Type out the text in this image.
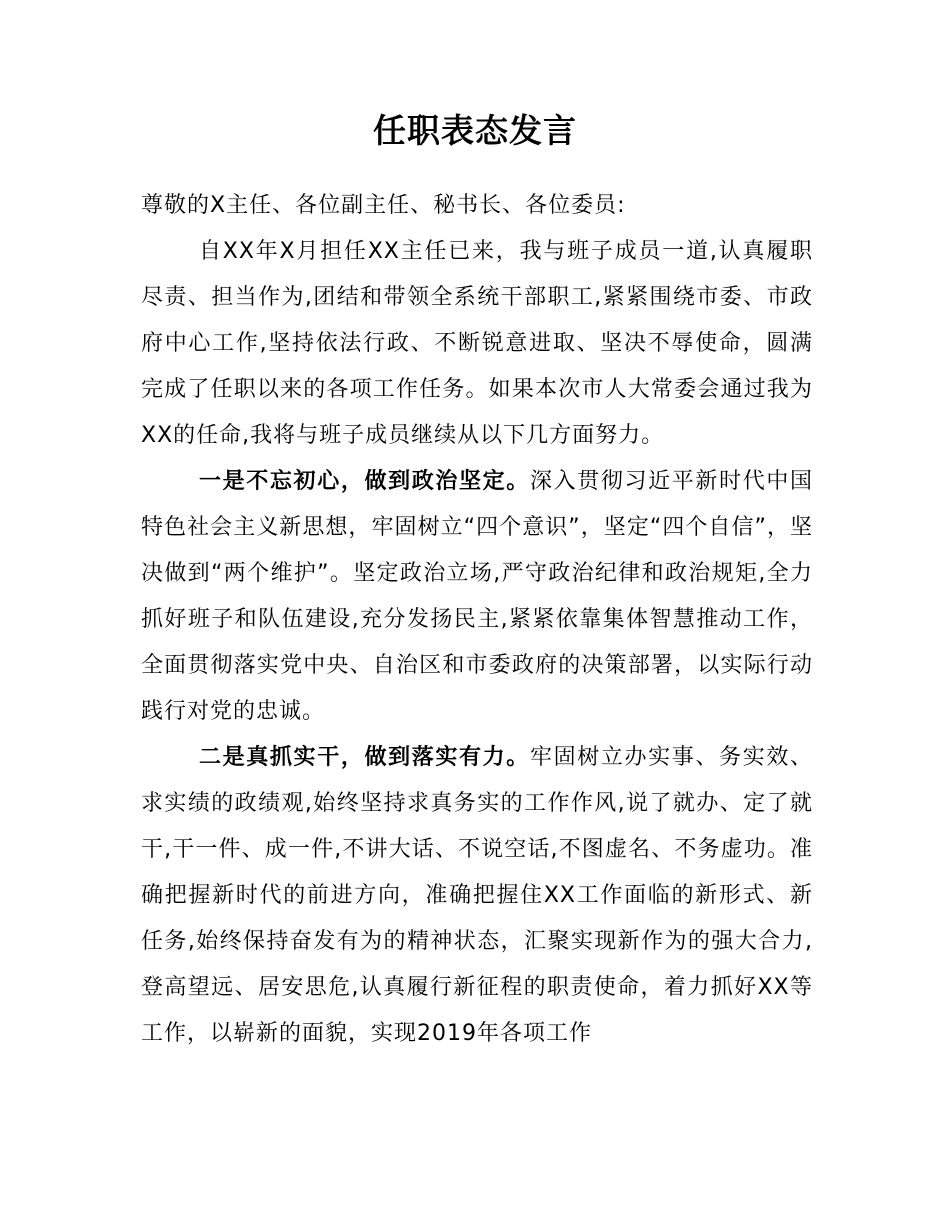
任职表态发言

尊敬的X主任、各位副主任、秘书长、各位委员:

自XX年X月担任XX主任已来，我与班子成员一道,认真履职尽责、担当作为,团结和带领全系统干部职工,紧紧围绕市委、市政府中心工作,坚持依法行政、不断锐意进取、坚决不辱使命，圆满完成了任职以来的各项工作任务。如果本次市人大常委会通过我为XX的任命,我将与班子成员继续从以下几方面努力。

一是不忘初心，做到政治坚定。深入贯彻习近平新时代中国特色社会主义新思想，牢固树立“四个意识”，坚定“四个自信”，坚决做到“两个维护”。坚定政治立场,严守政治纪律和政治规矩,全力抓好班子和队伍建设,充分发扬民主,紧紧依靠集体智慧推动工作，全面贯彻落实党中央、自治区和市委政府的决策部署，以实际行动践行对党的忠诚。

二是真抓实干，做到落实有力。牢固树立办实事、务实效、求实绩的政绩观,始终坚持求真务实的工作作风,说了就办、定了就干,干一件、成一件,不讲大话、不说空话,不图虚名、不务虚功。准确把握新时代的前进方向，准确把握住XX工作面临的新形式、新任务,始终保持奋发有为的精神状态，汇聚实现新作为的强大合力,登高望远、居安思危,认真履行新征程的职责使命，着力抓好XX等工作，以崭新的面貌，实现2019年各项工作
